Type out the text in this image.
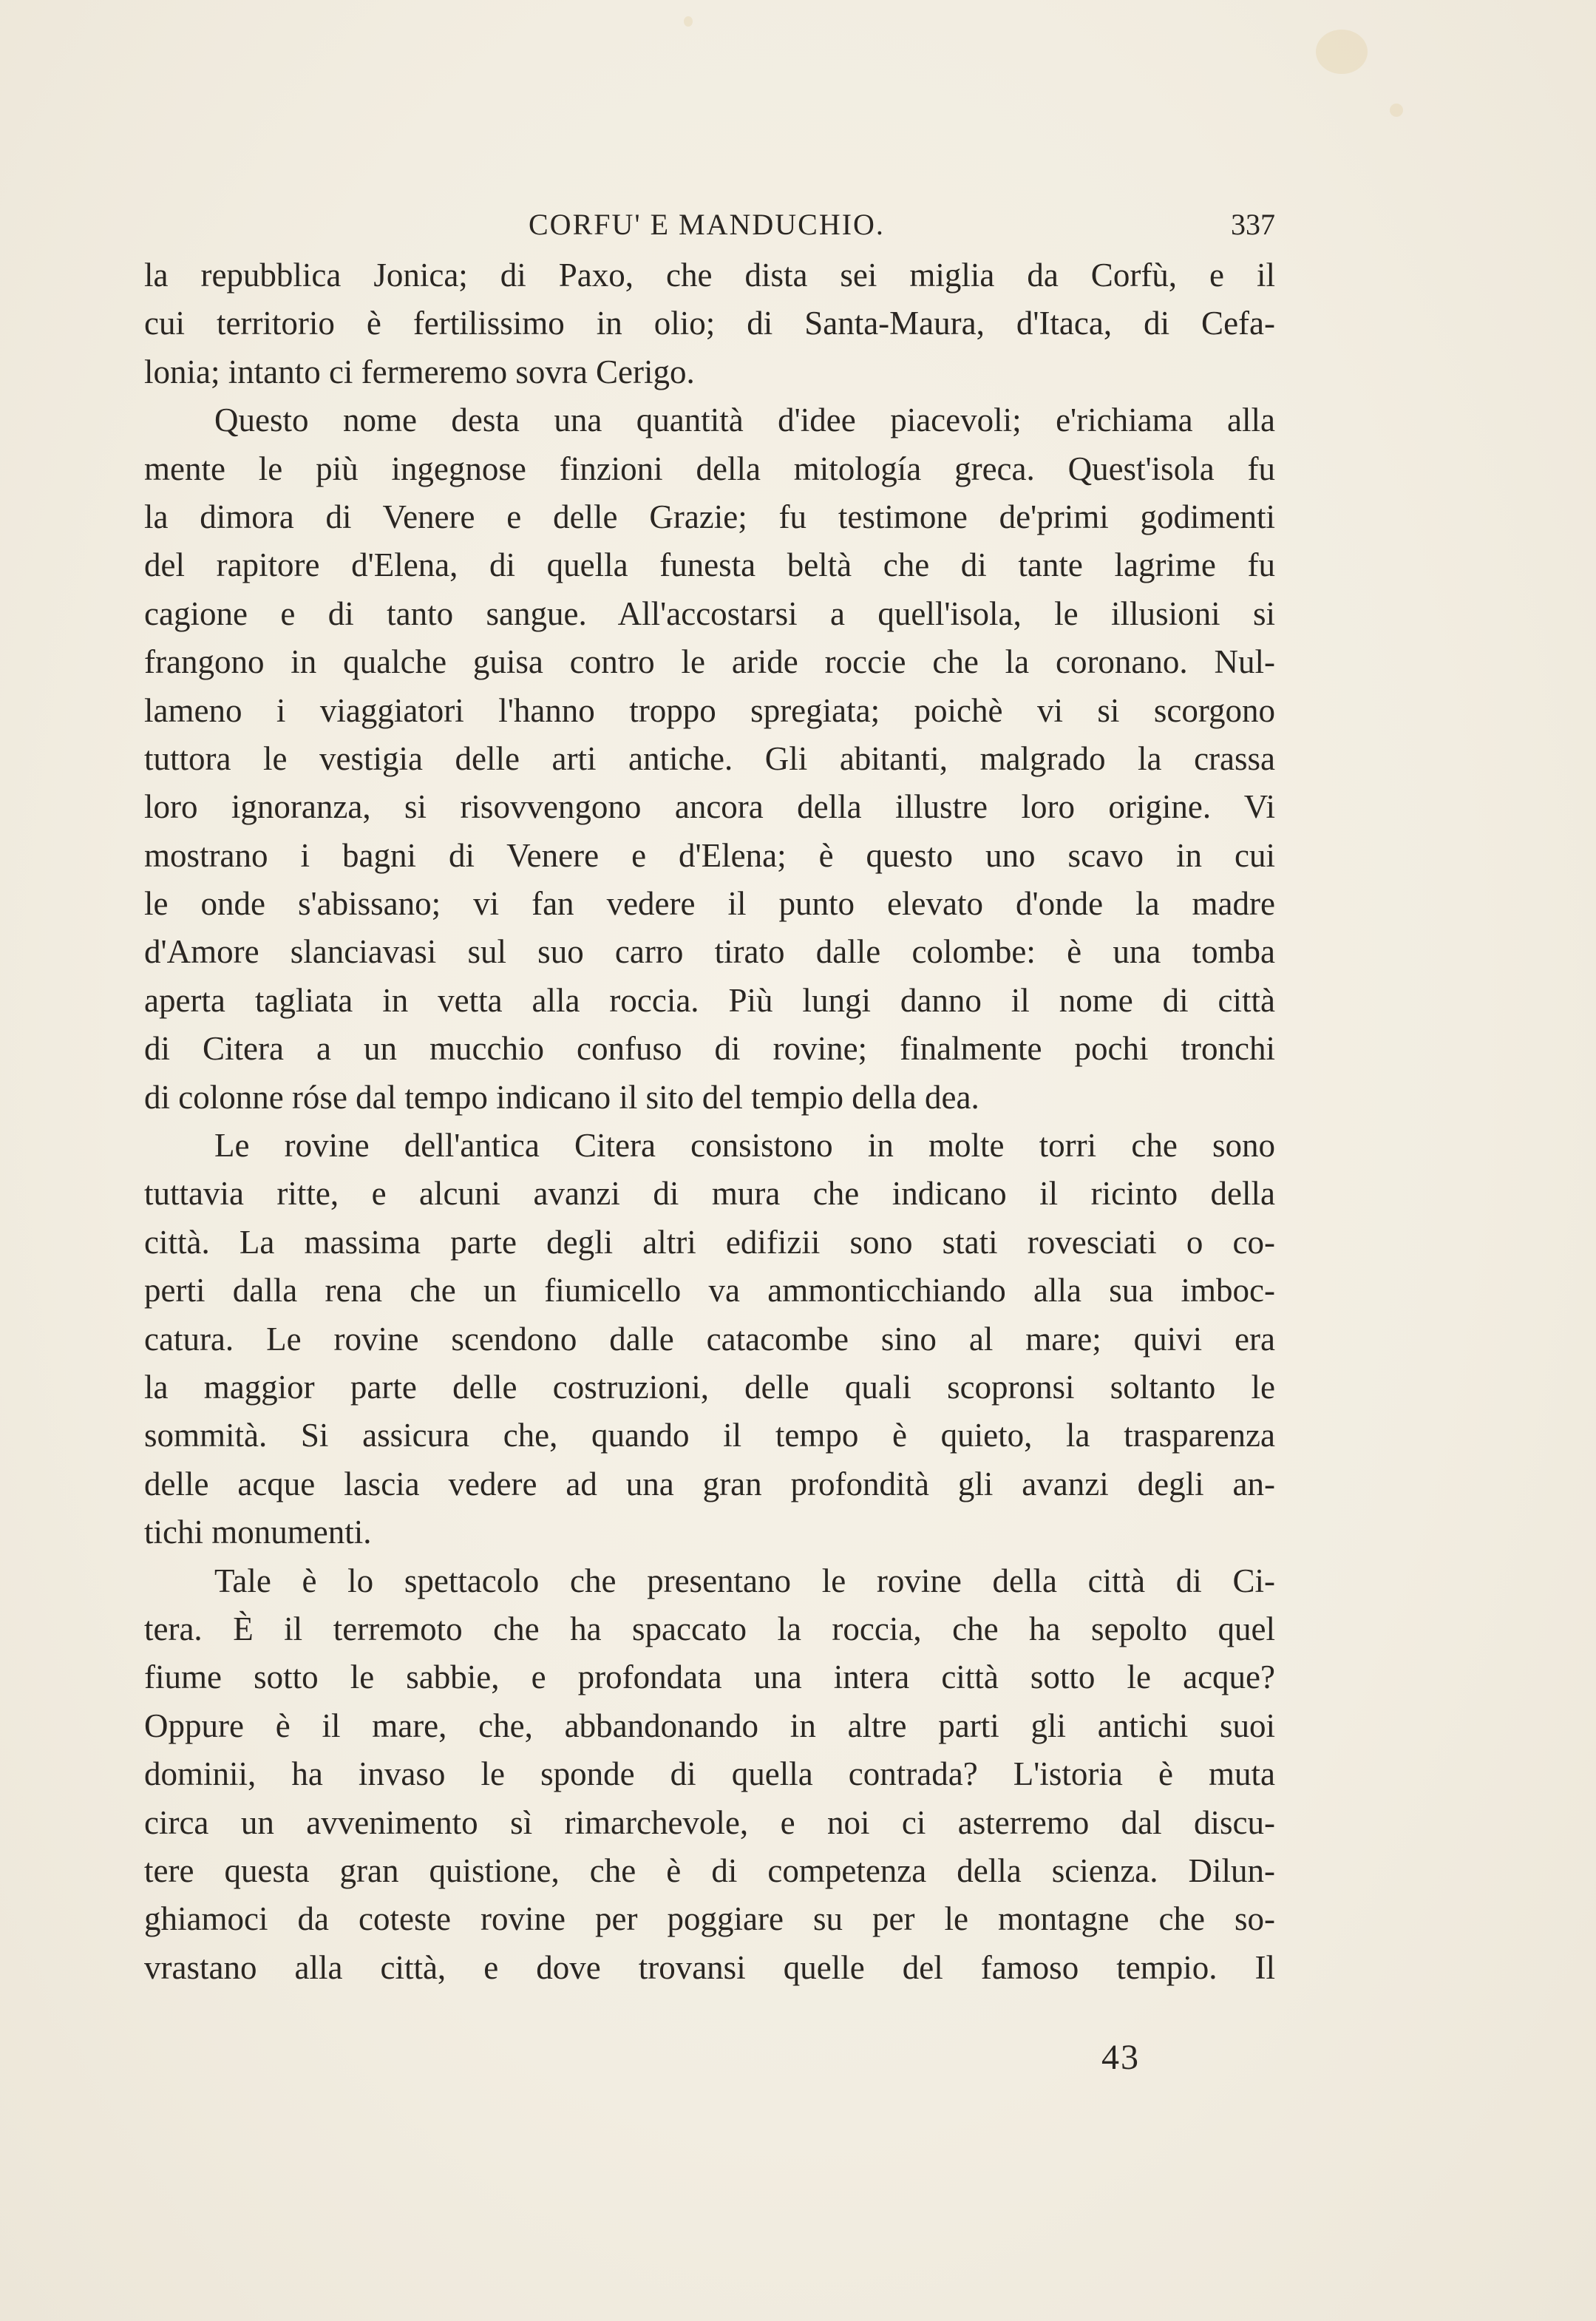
CORFU' E MANDUCHIO.	337
la repubblica Jonica; di Paxo, che dista sei miglia da Corfù, e il
cui territorio è fertilissimo in olio; di Santa-Maura, d'Itaca, di Cefa-
lonia; intanto ci fermeremo sovra Cerigo.
Questo nome desta una quantità d'idee piacevoli; e'richiama alla
mente le più ingegnose finzioni della mitología greca. Quest'isola fu
la dimora di Venere e delle Grazie; fu testimone de'primi godimenti
del rapitore d'Elena, di quella funesta beltà che di tante lagrime fu
cagione e di tanto sangue. All'accostarsi a quell'isola, le illusioni si
frangono in qualche guisa contro le aride roccie che la coronano. Nul-
lameno i viaggiatori l'hanno troppo spregiata; poichè vi si scorgono
tuttora le vestigia delle arti antiche. Gli abitanti, malgrado la crassa
loro ignoranza, si risovvengono ancora della illustre loro origine. Vi
mostrano i bagni di Venere e d'Elena; è questo uno scavo in cui
le onde s'abissano; vi fan vedere il punto elevato d'onde la madre
d'Amore slanciavasi sul suo carro tirato dalle colombe: è una tomba
aperta tagliata in vetta alla roccia. Più lungi danno il nome di città
di Citera a un mucchio confuso di rovine; finalmente pochi tronchi
di colonne róse dal tempo indicano il sito del tempio della dea.
Le rovine dell'antica Citera consistono in molte torri che sono
tuttavia ritte, e alcuni avanzi di mura che indicano il ricinto della
città. La massima parte degli altri edifizii sono stati rovesciati o co-
perti dalla rena che un fiumicello va ammonticchiando alla sua imboc-
catura. Le rovine scendono dalle catacombe sino al mare; quivi era
la maggior parte delle costruzioni, delle quali scopronsi soltanto le
sommità. Si assicura che, quando il tempo è quieto, la trasparenza
delle acque lascia vedere ad una gran profondità gli avanzi degli an-
tichi monumenti.
Tale è lo spettacolo che presentano le rovine della città di Ci-
tera. È il terremoto che ha spaccato la roccia, che ha sepolto quel
fiume sotto le sabbie, e profondata una intera città sotto le acque?
Oppure è il mare, che, abbandonando in altre parti gli antichi suoi
dominii, ha invaso le sponde di quella contrada? L'istoria è muta
circa un avvenimento sì rimarchevole, e noi ci asterremo dal discu-
tere questa gran quistione, che è di competenza della scienza. Dilun-
ghiamoci da coteste rovine per poggiare su per le montagne che so-
vrastano alla città, e dove trovansi quelle del famoso tempio. Il
43
